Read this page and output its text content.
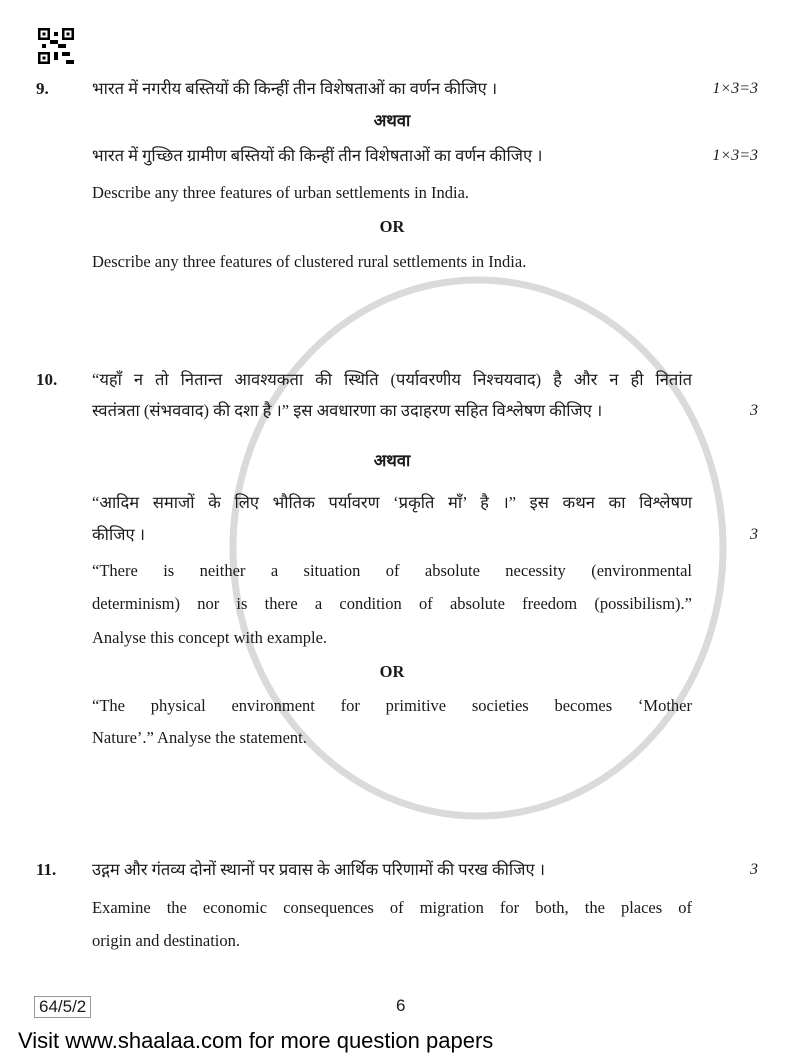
9.	भारत में नगरीय बस्तियों की किन्हीं तीन विशेषताओं का वर्णन कीजिए ।	1×3=3
अथवा
भारत में गुच्छित ग्रामीण बस्तियों की किन्हीं तीन विशेषताओं का वर्णन कीजिए ।	1×3=3
Describe any three features of urban settlements in India.
OR
Describe any three features of clustered rural settlements in India.
10.	“यहाँ न तो नितान्त आवश्यकता की स्थिति (पर्यावरणीय निश्चयवाद) है और न ही नितांत
स्वतंत्रता (संभववाद) की दशा है ।” इस अवधारणा का उदाहरण सहित विश्लेषण कीजिए ।	3
अथवा
“आदिम समाजों के लिए भौतिक पर्यावरण ‘प्रकृति माँ’ है ।” इस कथन का विश्लेषण
कीजिए ।	3
“There is neither a situation of absolute necessity (environmental
determinism) nor is there a condition of absolute freedom (possibilism).”
Analyse this concept with example.
OR
“The physical environment for primitive societies becomes ‘Mother
Nature’.” Analyse the statement.
11.	उद्गम और गंतव्य दोनों स्थानों पर प्रवास के आर्थिक परिणामों की परख कीजिए ।	3
Examine the economic consequences of migration for both, the places of
origin and destination.
64/5/2	6
Visit www.shaalaa.com for more question papers
